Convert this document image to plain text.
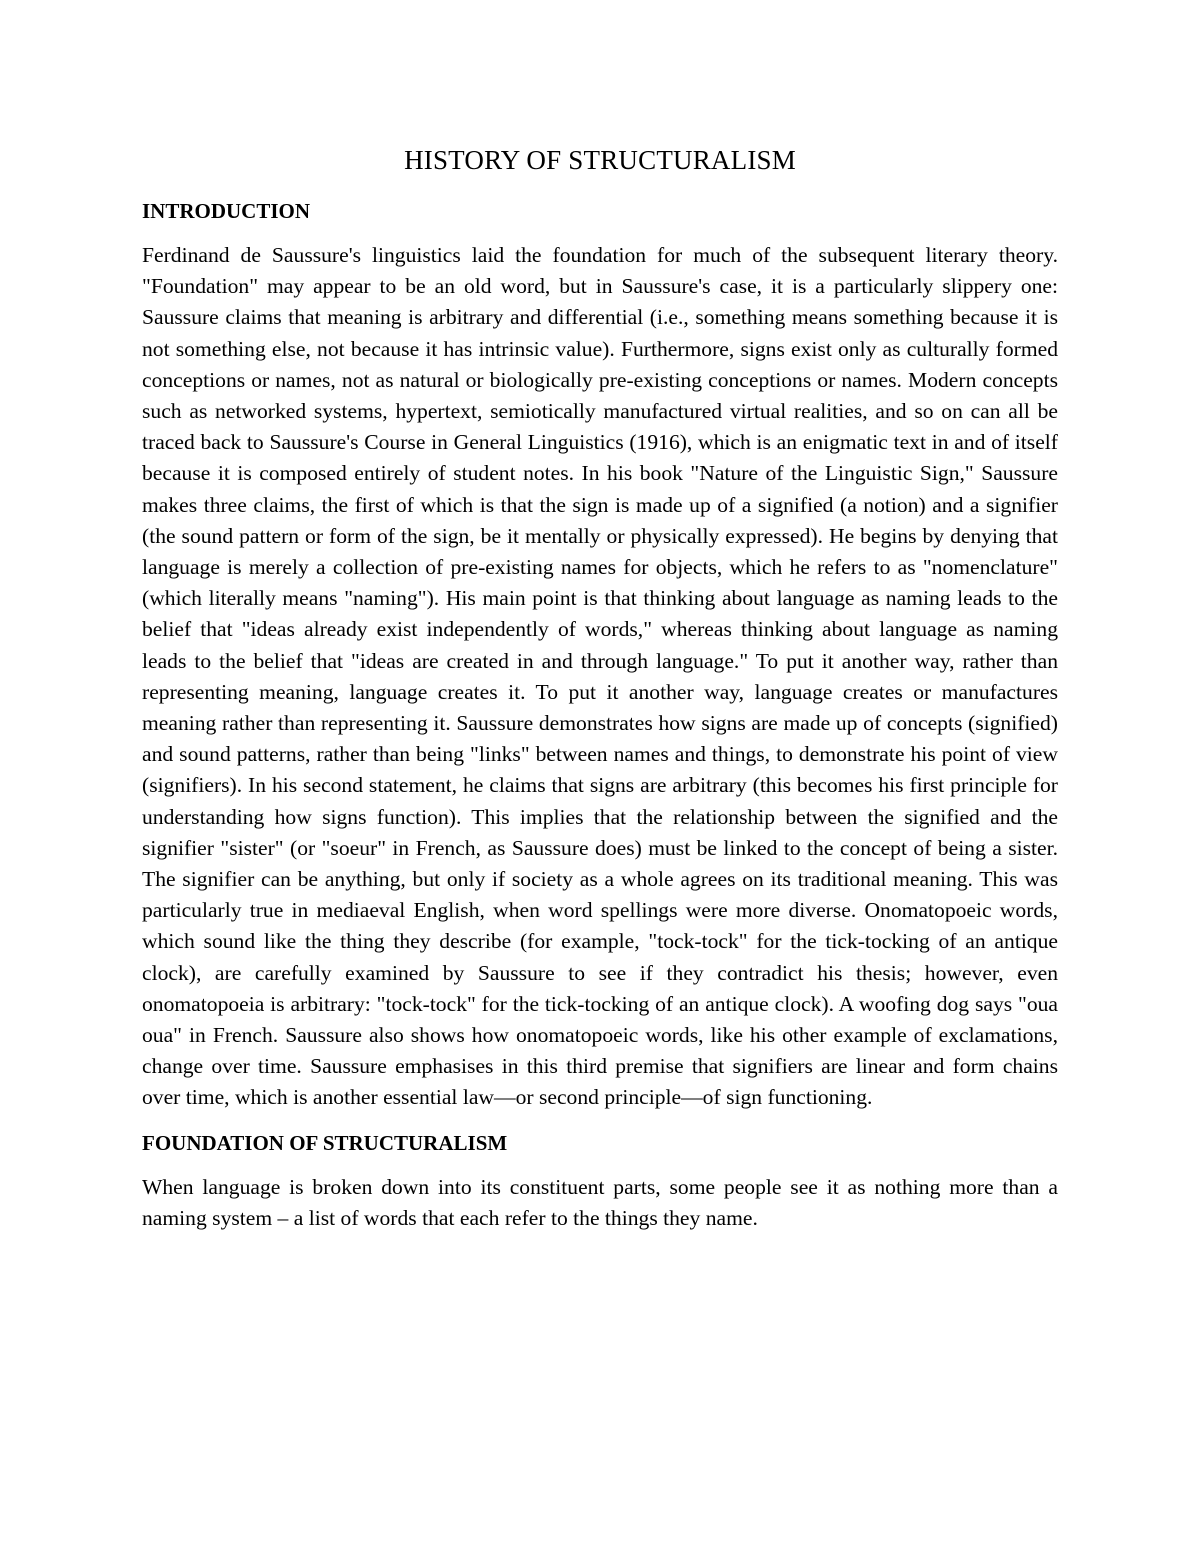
HISTORY OF STRUCTURALISM
INTRODUCTION

Ferdinand de Saussure's linguistics laid the foundation for much of the subsequent literary theory. "Foundation" may appear to be an old word, but in Saussure's case, it is a particularly slippery one: Saussure claims that meaning is arbitrary and differential (i.e., something means something because it is not something else, not because it has intrinsic value). Furthermore, signs exist only as culturally formed conceptions or names, not as natural or biologically pre-existing conceptions or names. Modern concepts such as networked systems, hypertext, semiotically manufactured virtual realities, and so on can all be traced back to Saussure's Course in General Linguistics (1916), which is an enigmatic text in and of itself because it is composed entirely of student notes. In his book "Nature of the Linguistic Sign," Saussure makes three claims, the first of which is that the sign is made up of a signified (a notion) and a signifier (the sound pattern or form of the sign, be it mentally or physically expressed). He begins by denying that language is merely a collection of pre-existing names for objects, which he refers to as "nomenclature" (which literally means "naming"). His main point is that thinking about language as naming leads to the belief that "ideas already exist independently of words," whereas thinking about language as naming leads to the belief that "ideas are created in and through language." To put it another way, rather than representing meaning, language creates it. To put it another way, language creates or manufactures meaning rather than representing it. Saussure demonstrates how signs are made up of concepts (signified) and sound patterns, rather than being "links" between names and things, to demonstrate his point of view (signifiers). In his second statement, he claims that signs are arbitrary (this becomes his first principle for understanding how signs function). This implies that the relationship between the signified and the signifier "sister" (or "soeur" in French, as Saussure does) must be linked to the concept of being a sister. The signifier can be anything, but only if society as a whole agrees on its traditional meaning. This was particularly true in mediaeval English, when word spellings were more diverse. Onomatopoeic words, which sound like the thing they describe (for example, "tock-tock" for the tick-tocking of an antique clock), are carefully examined by Saussure to see if they contradict his thesis; however, even onomatopoeia is arbitrary: "tock-tock" for the tick-tocking of an antique clock). A woofing dog says "oua oua" in French. Saussure also shows how onomatopoeic words, like his other example of exclamations, change over time. Saussure emphasises in this third premise that signifiers are linear and form chains over time, which is another essential law—or second principle—of sign functioning.

FOUNDATION OF STRUCTURALISM

When language is broken down into its constituent parts, some people see it as nothing more than a naming system – a list of words that each refer to the things they name.
